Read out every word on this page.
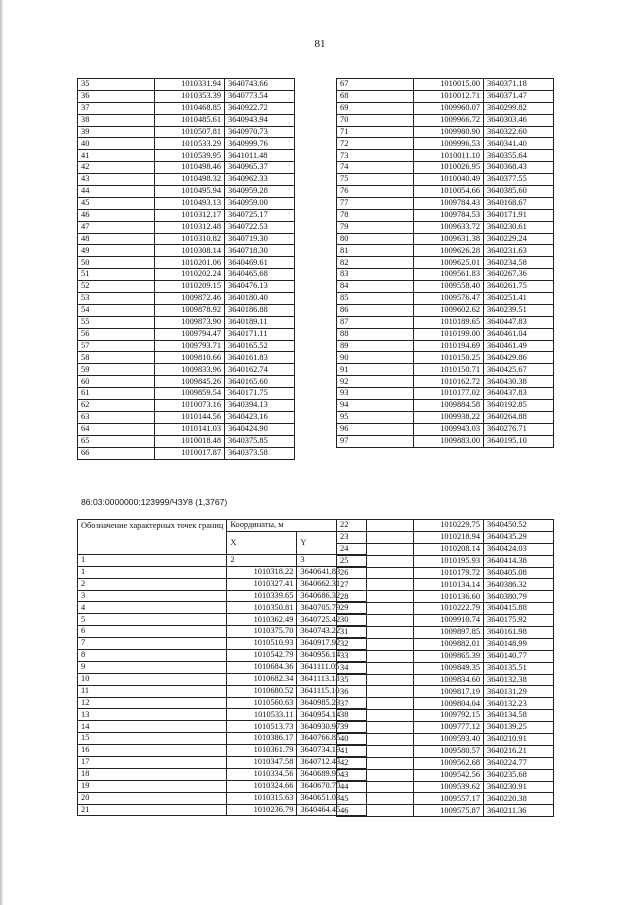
81
35	1010331.94	3640743.66
36	1010353.39	3640773.54
37	1010468.85	3640922.72
38	1010485.61	3640943.94
39	1010507.81	3640970.73
40	1010533.29	3640999.76
41	1010539.95	3641011.48
42	1010498.46	3640965.37
43	1010498.32	3640962.33
44	1010495.94	3640959.28
45	1010493.13	3640959.00
46	1010312.17	3640725.17
47	1010312.48	3640722.53
48	1010310.82	3640719.30
49	1010308.14	3640718.30
50	1010201.06	3640469.61
51	1010202.24	3640465.68
52	1010209.15	3640476.13
53	1009872.46	3640180.40
54	1009878.92	3640186.88
55	1009873.90	3640189.11
56	1009794.47	3640171.11
57	1009793.71	3640165.52
58	1009810.66	3640161.83
59	1009833.96	3640162.74
60	1009845.26	3640165.60
61	1009859.54	3640171.75
62	1010073.16	3640394.13
63	1010144.56	3640423.16
64	1010141.03	3640424.90
65	1010018.48	3640375.85
66	1010017.87	3640373.58
67	1010015.00	3640371.18
68	1010012.71	3640371.47
69	1009960.07	3640299.82
70	1009966.72	3640303.46
71	1009980.90	3640322.60
72	1009996.53	3640341.40
73	1010011.10	3640355.64
74	1010026.95	3640368.43
75	1010040.49	3640377.55
76	1010054.66	3640385.60
77	1009784.43	3640168.67
78	1009784.53	3640171.91
79	1009633.72	3640230.61
80	1009631.38	3640229.24
81	1009626.28	3640231.63
82	1009625.01	3640234.58
83	1009561.83	3640267.36
84	1009558.40	3640261.75
85	1009576.47	3640251.41
86	1009602.62	3640239.51
87	1010189.65	3640447.83
88	1010199.00	3640461.04
89	1010194.69	3640461.49
90	1010150.25	3640429.86
91	1010150.71	3640425.67
92	1010162.72	3640430.38
93	1010177.02	3640437.83
94	1009884.58	3640192.85
95	1009938.22	3640264.88
96	1009943.03	3640276.71
97	1009883.00	3640195.10
86:03:0000000:123999/ЧЗУ8 (1,3767)
Обозначение характерных точек границ	Координаты, м	
	X	Y
1	2	3
1	1010318.22	3640641.83
2	1010327.41	3640662.31
3	1010339.65	3640686.32
4	1010350.81	3640705.79
5	1010362.49	3640725.42
6	1010375.70	3640743.22
7	1010510.93	3640917.92
8	1010542.79	3640956.14
9	1010684.36	3641111.05
10	1010682.34	3641113.18
11	1010680.52	3641115.10
12	1010560.63	3640985.23
13	1010533.11	3640954.14
14	1010513.73	3640930.97
15	1010386.17	3640766.85
16	1010361.79	3640734.19
17	1010347.58	3640712.43
18	1010334.56	3640689.95
19	1010324.66	3640670.70
20	1010315.63	3640651.03
21	1010236.79	3640464.45
22	1010229.75	3640450.52
23	1010218.94	3640435.29
24	1010208.14	3640424.03
25	1010195.93	3640414.38
26	1010179.72	3640405.08
27	1010134.14	3640386.32
28	1010136.60	3640380.79
29	1010222.79	3640415.88
30	1009910.74	3640175.92
31	1009897.85	3640161.98
32	1009882.01	3640148.99
33	1009865.39	3640140.77
34	1009849.35	3640135.51
35	1009834.60	3640132.38
36	1009817.19	3640131.29
37	1009804.04	3640132.23
38	1009792.15	3640134.58
39	1009777.12	3640139.25
40	1009593.40	3640210.91
41	1009580.57	3640216.21
42	1009562.68	3640224.77
43	1009542.56	3640235.68
44	1009539.62	3640230.91
45	1009557.17	3640220.38
46	1009575.87	3640211.36
